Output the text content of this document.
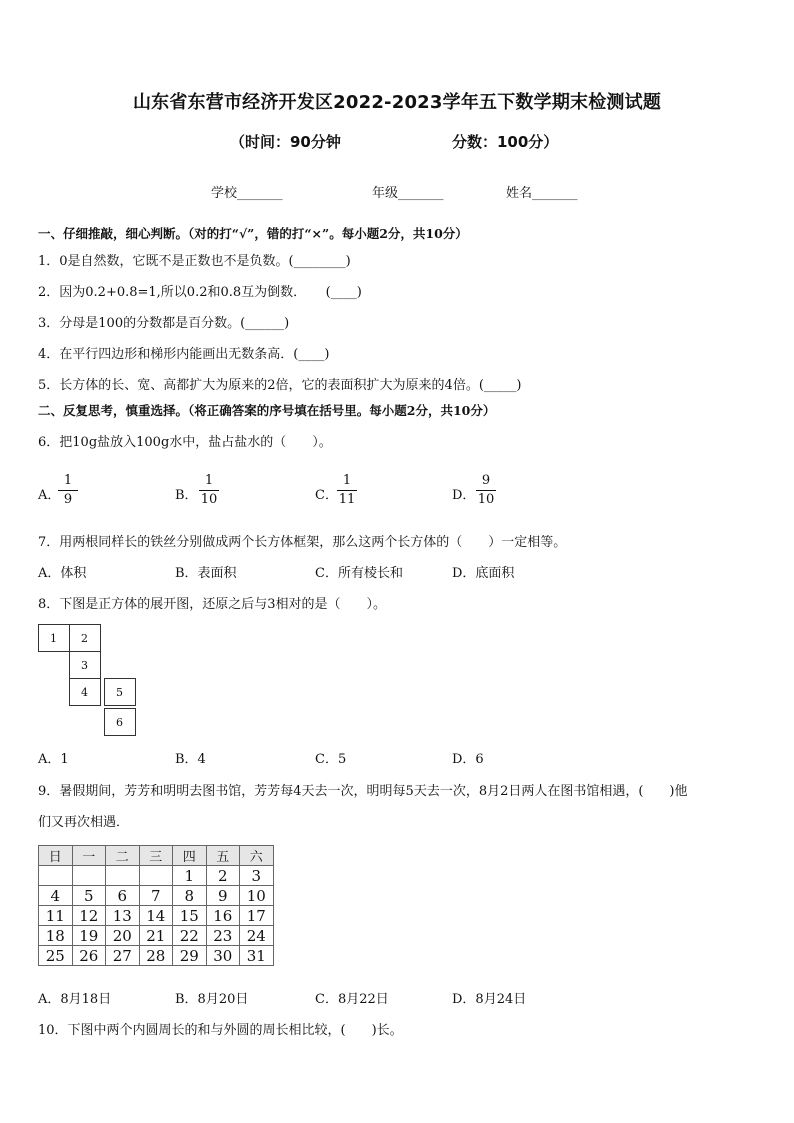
山东省东营市经济开发区2022-2023学年五下数学期末检测试题
（时间：90分钟	分数：100分）
学校_______	年级_______	姓名_______
一、仔细推敲，细心判断。（对的打“√”，错的打“×”。每小题2分，共10分）
1．0是自然数，它既不是正数也不是负数。(________)
2．因为0.2+0.8=1,所以0.2和0.8互为倒数．　　(____)
3．分母是100的分数都是百分数。(______)
4．在平行四边形和梯形内能画出无数条高．(____)
5．长方体的长、宽、高都扩大为原来的2倍，它的表面积扩大为原来的4倍。(_____)
二、反复思考，慎重选择。（将正确答案的序号填在括号里。每小题2分，共10分）
6．把10g盐放入100g水中，盐占盐水的（　　）。
A．
1
9	B．
1
10	C．
1
11	D．
9
10
7．用两根同样长的铁丝分别做成两个长方体框架，那么这两个长方体的（　　）一定相等。
A．体积	B．表面积	C．所有棱长和	D．底面积
8．下图是正方体的展开图，还原之后与3相对的是（　　）。
1 2
3
4	5
6
A．1	B．4	C．5	D．6
9．暑假期间，芳芳和明明去图书馆，芳芳每4天去一次，明明每5天去一次，8月2日两人在图书馆相遇，(　　)他
们又再次相遇．
日	一	二	三	四	五	六
				1	2	3
4	5	6	7	8	9	10
11	12	13	14	15	16	17
18	19	20	21	22	23	24
25	26	27	28	29	30	31
A．8月18日	B．8月20日	C．8月22日	D．8月24日
10．下图中两个内圆周长的和与外圆的周长相比较，(　　)长。
